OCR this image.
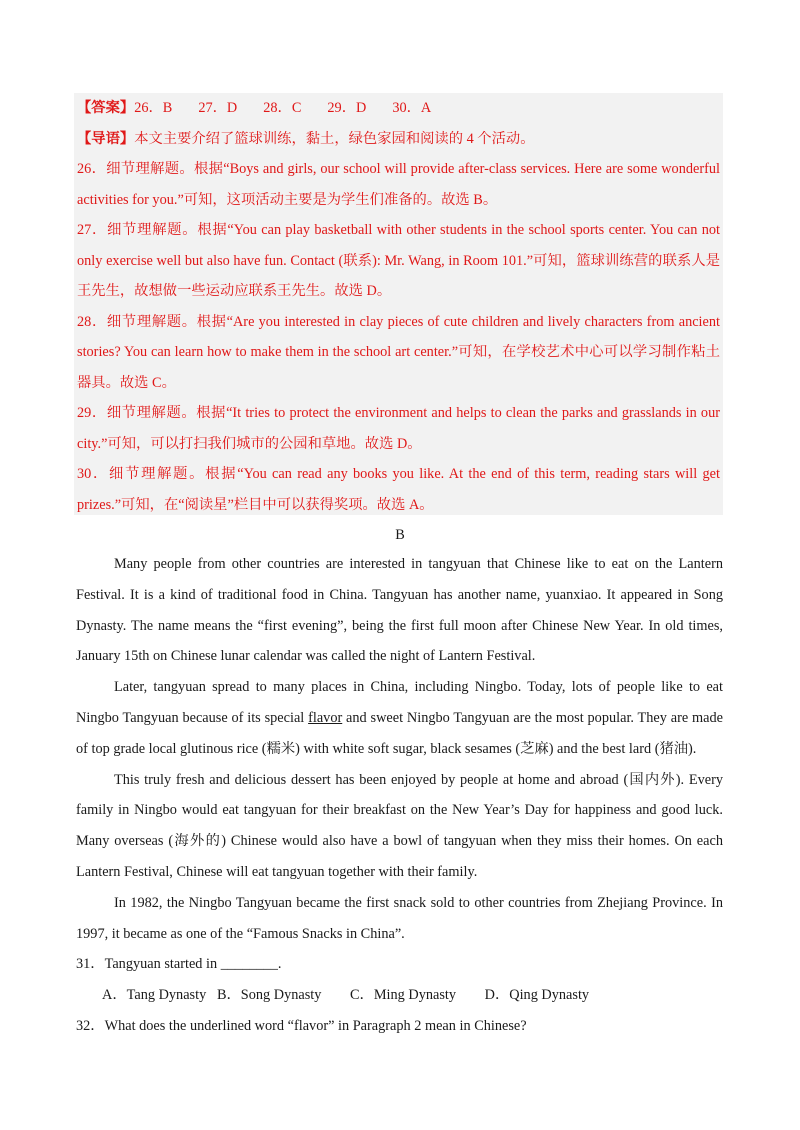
【答案】26．B 27．D 28．C 29．D 30．A

【导语】本文主要介绍了篮球训练，黏土，绿色家园和阅读的 4 个活动。

26．细节理解题。根据“Boys and girls, our school will provide after-class services. Here are some wonderful activities for you.”可知，这项活动主要是为学生们准备的。故选 B。

27．细节理解题。根据“You can play basketball with other students in the school sports center. You can not only exercise well but also have fun. Contact (联系): Mr. Wang, in Room 101.”可知，篮球训练营的联系人是王先生，故想做一些运动应联系王先生。故选 D。

28．细节理解题。根据“Are you interested in clay pieces of cute children and lively characters from ancient stories? You can learn how to make them in the school art center.”可知，在学校艺术中心可以学习制作粘土器具。故选 C。

29．细节理解题。根据“It tries to protect the environment and helps to clean the parks and grasslands in our city.”可知，可以打扫我们城市的公园和草地。故选 D。

30．细节理解题。根据“You can read any books you like. At the end of this term, reading stars will get prizes.”可知，在“阅读星”栏目中可以获得奖项。故选 A。

B

Many people from other countries are interested in tangyuan that Chinese like to eat on the Lantern Festival. It is a kind of traditional food in China. Tangyuan has another name, yuanxiao. It appeared in Song Dynasty. The name means the “first evening”, being the first full moon after Chinese New Year. In old times, January 15th on Chinese lunar calendar was called the night of Lantern Festival.

Later, tangyuan spread to many places in China, including Ningbo. Today, lots of people like to eat Ningbo Tangyuan because of its special flavor and sweet Ningbo Tangyuan are the most popular. They are made of top grade local glutinous rice (糯米) with white soft sugar, black sesames (芝麻) and the best lard (猪油).

This truly fresh and delicious dessert has been enjoyed by people at home and abroad (国内外). Every family in Ningbo would eat tangyuan for their breakfast on the New Year’s Day for happiness and good luck. Many overseas (海外的) Chinese would also have a bowl of tangyuan when they miss their homes. On each Lantern Festival, Chinese will eat tangyuan together with their family.

In 1982, the Ningbo Tangyuan became the first snack sold to other countries from Zhejiang Province. In 1997, it became as one of the “Famous Snacks in China”.

31．Tangyuan started in ________.

A．Tang Dynasty   B．Song Dynasty        C．Ming Dynasty        D．Qing Dynasty

32．What does the underlined word “flavor” in Paragraph 2 mean in Chinese?
